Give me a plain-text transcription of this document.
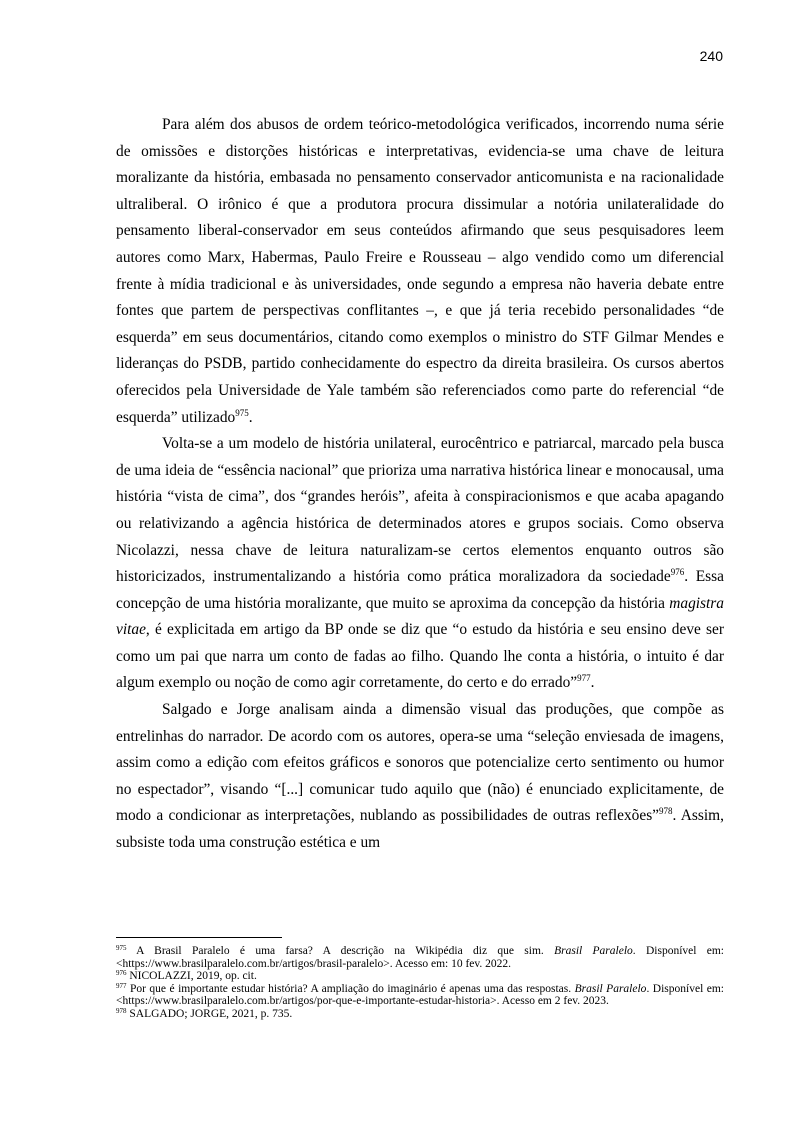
240

Para além dos abusos de ordem teórico-metodológica verificados, incorrendo numa série de omissões e distorções históricas e interpretativas, evidencia-se uma chave de leitura moralizante da história, embasada no pensamento conservador anticomunista e na racionalidade ultraliberal. O irônico é que a produtora procura dissimular a notória unilateralidade do pensamento liberal-conservador em seus conteúdos afirmando que seus pesquisadores leem autores como Marx, Habermas, Paulo Freire e Rousseau – algo vendido como um diferencial frente à mídia tradicional e às universidades, onde segundo a empresa não haveria debate entre fontes que partem de perspectivas conflitantes –, e que já teria recebido personalidades “de esquerda” em seus documentários, citando como exemplos o ministro do STF Gilmar Mendes e lideranças do PSDB, partido conhecidamente do espectro da direita brasileira. Os cursos abertos oferecidos pela Universidade de Yale também são referenciados como parte do referencial “de esquerda” utilizado$^{975}$.

Volta-se a um modelo de história unilateral, eurocêntrico e patriarcal, marcado pela busca de uma ideia de “essência nacional” que prioriza uma narrativa histórica linear e monocausal, uma história “vista de cima”, dos “grandes heróis”, afeita à conspiracionismos e que acaba apagando ou relativizando a agência histórica de determinados atores e grupos sociais. Como observa Nicolazzi, nessa chave de leitura naturalizam-se certos elementos enquanto outros são historicizados, instrumentalizando a história como prática moralizadora da sociedade$^{976}$. Essa concepção de uma história moralizante, que muito se aproxima da concepção da história magistra vitae, é explicitada em artigo da BP onde se diz que “o estudo da história e seu ensino deve ser como um pai que narra um conto de fadas ao filho. Quando lhe conta a história, o intuito é dar algum exemplo ou noção de como agir corretamente, do certo e do errado”$^{977}$.

Salgado e Jorge analisam ainda a dimensão visual das produções, que compõe as entrelinhas do narrador. De acordo com os autores, opera-se uma “seleção enviesada de imagens, assim como a edição com efeitos gráficos e sonoros que potencialize certo sentimento ou humor no espectador”, visando “[...] comunicar tudo aquilo que (não) é enunciado explicitamente, de modo a condicionar as interpretações, nublando as possibilidades de outras reflexões”$^{978}$. Assim, subsiste toda uma construção estética e um

$^{975}$ A Brasil Paralelo é uma farsa? A descrição na Wikipédia diz que sim. Brasil Paralelo. Disponível em: <https://www.brasilparalelo.com.br/artigos/brasil-paralelo>. Acesso em: 10 fev. 2022.

$^{976}$ NICOLAZZI, 2019, op. cit.

$^{977}$ Por que é importante estudar história? A ampliação do imaginário é apenas uma das respostas. Brasil Paralelo. Disponível em: <https://www.brasilparalelo.com.br/artigos/por-que-e-importante-estudar-historia>. Acesso em 2 fev. 2023.

$^{978}$ SALGADO; JORGE, 2021, p. 735.
